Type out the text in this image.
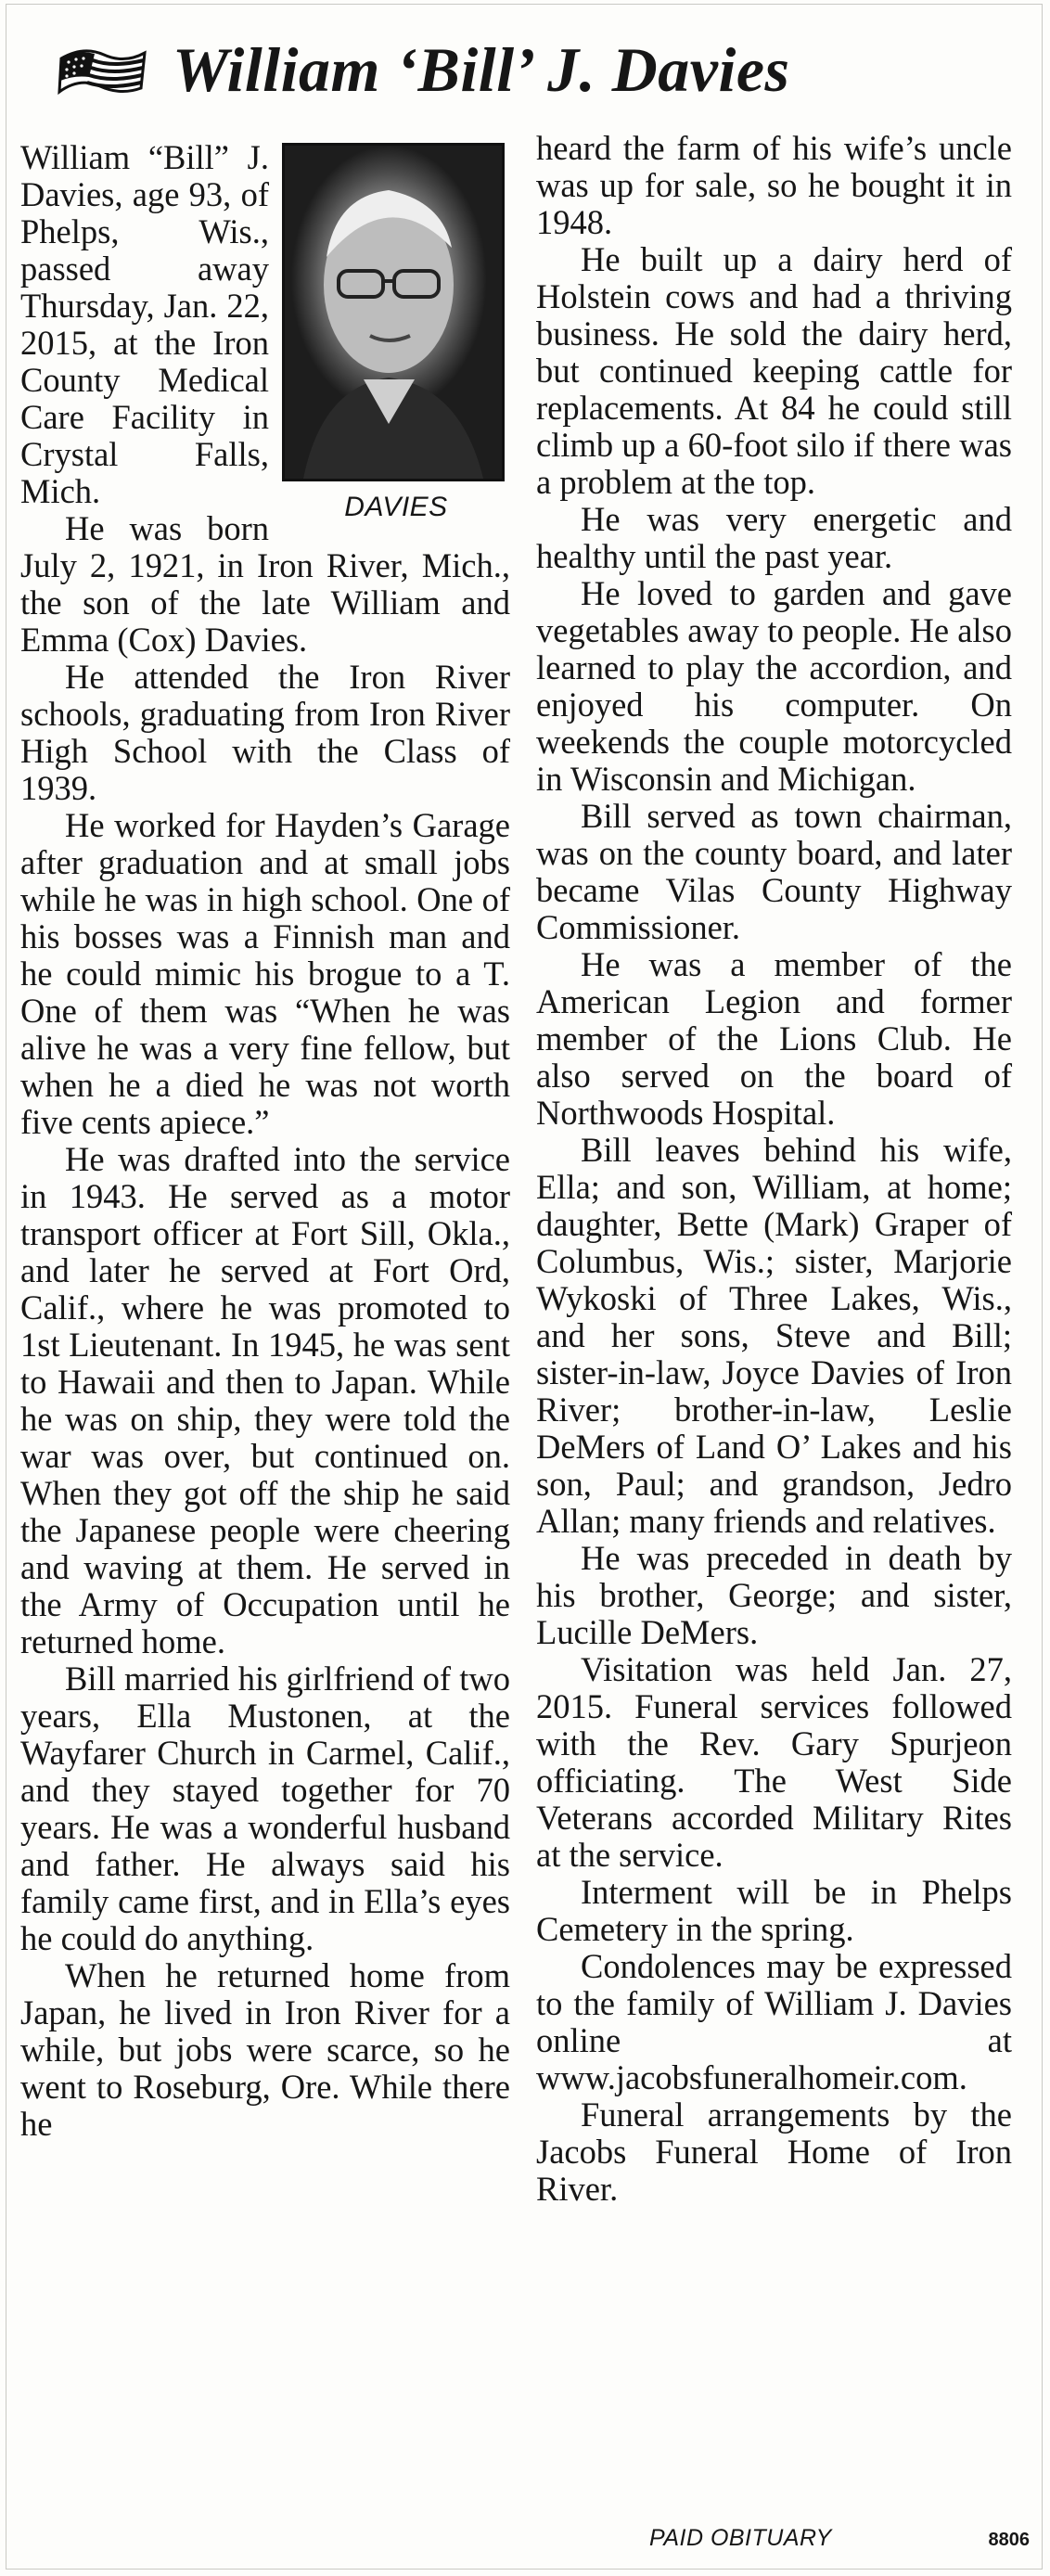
William ‘Bill’ J. Davies
DAVIES

William “Bill” J. Davies, age 93, of Phelps, Wis., passed away Thursday, Jan. 22, 2015, at the Iron County Medical Care Facility in Crystal Falls, Mich.

He was born July 2, 1921, in Iron River, Mich., the son of the late William and Emma (Cox) Davies.

He attended the Iron River schools, graduating from Iron River High School with the Class of 1939.

He worked for Hayden’s Garage after graduation and at small jobs while he was in high school. One of his bosses was a Finnish man and he could mimic his brogue to a T. One of them was “When he was alive he was a very fine fellow, but when he a died he was not worth five cents apiece.”

He was drafted into the service in 1943. He served as a motor transport officer at Fort Sill, Okla., and later he served at Fort Ord, Calif., where he was promoted to 1st Lieutenant. In 1945, he was sent to Hawaii and then to Japan. While he was on ship, they were told the war was over, but continued on. When they got off the ship he said the Japanese people were cheering and waving at them. He served in the Army of Occupation until he returned home.

Bill married his girlfriend of two years, Ella Mustonen, at the Wayfarer Church in Carmel, Calif., and they stayed together for 70 years. He was a wonderful husband and father. He always said his family came first, and in Ella’s eyes he could do anything.

When he returned home from Japan, he lived in Iron River for a while, but jobs were scarce, so he went to Roseburg, Ore. While there he

heard the farm of his wife’s uncle was up for sale, so he bought it in 1948.

He built up a dairy herd of Holstein cows and had a thriving business. He sold the dairy herd, but continued keeping cattle for replacements. At 84 he could still climb up a 60-foot silo if there was a problem at the top.

He was very energetic and healthy until the past year.

He loved to garden and gave vegetables away to people. He also learned to play the accordion, and enjoyed his computer. On weekends the couple motorcycled in Wisconsin and Michigan.

Bill served as town chairman, was on the county board, and later became Vilas County Highway Commissioner.

He was a member of the American Legion and former member of the Lions Club. He also served on the board of Northwoods Hospital.

Bill leaves behind his wife, Ella; and son, William, at home; daughter, Bette (Mark) Graper of Columbus, Wis.; sister, Marjorie Wykoski of Three Lakes, Wis., and her sons, Steve and Bill; sister-in-law, Joyce Davies of Iron River; brother-in-law, Leslie DeMers of Land O’ Lakes and his son, Paul; and grandson, Jedro Allan; many friends and relatives.

He was preceded in death by his brother, George; and sister, Lucille DeMers.

Visitation was held Jan. 27, 2015. Funeral services followed with the Rev. Gary Spurjeon officiating. The West Side Veterans accorded Military Rites at the service.

Interment will be in Phelps Cemetery in the spring.

Condolences may be expressed to the family of William J. Davies online at www.jacobsfuneralhomeir.com.

Funeral arrangements by the Jacobs Funeral Home of Iron River.

PAID OBITUARY	8806
